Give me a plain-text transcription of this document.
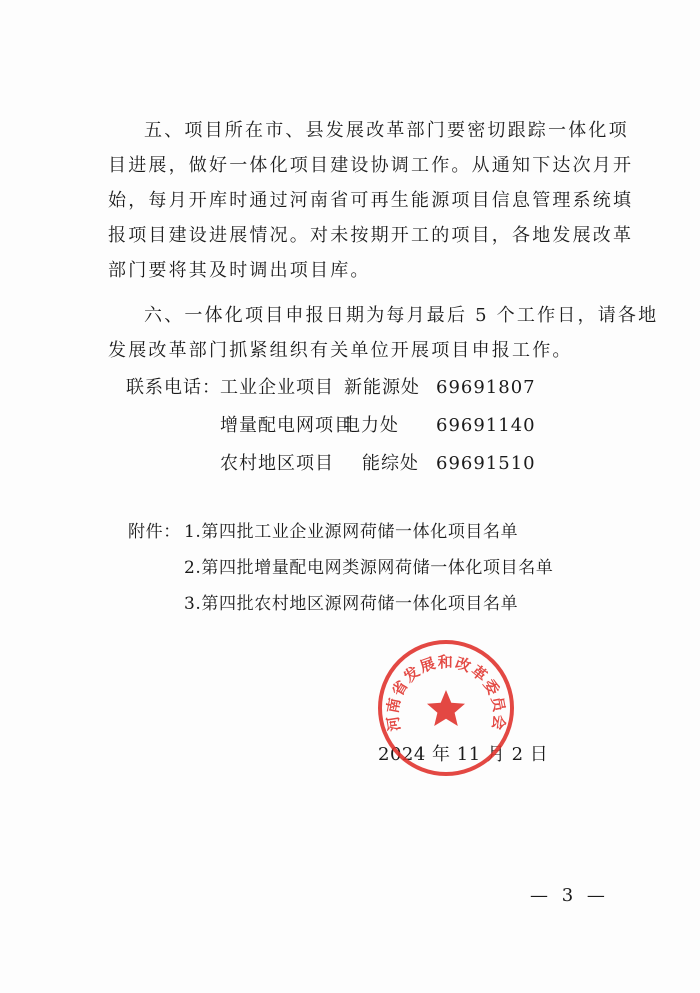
五、项目所在市、县发展改革部门要密切跟踪一体化项
目进展，做好一体化项目建设协调工作。从通知下达次月开
始，每月开库时通过河南省可再生能源项目信息管理系统填
报项目建设进展情况。对未按期开工的项目，各地发展改革
部门要将其及时调出项目库。
六、一体化项目申报日期为每月最后 5 个工作日，请各地
发展改革部门抓紧组织有关单位开展项目申报工作。
联系电话： 工业企业项目 新能源处 69691807
增量配电网项目
电力处 69691140
农村地区项目 能综处 69691510
附件： 1.第四批工业企业源网荷储一体化项目名单
2.第四批增量配电网类源网荷储一体化项目名单
3.第四批农村地区源网荷储一体化项目名单
2024 年 11 月 2 日
河南省发展和改革委员会
— 3 —
